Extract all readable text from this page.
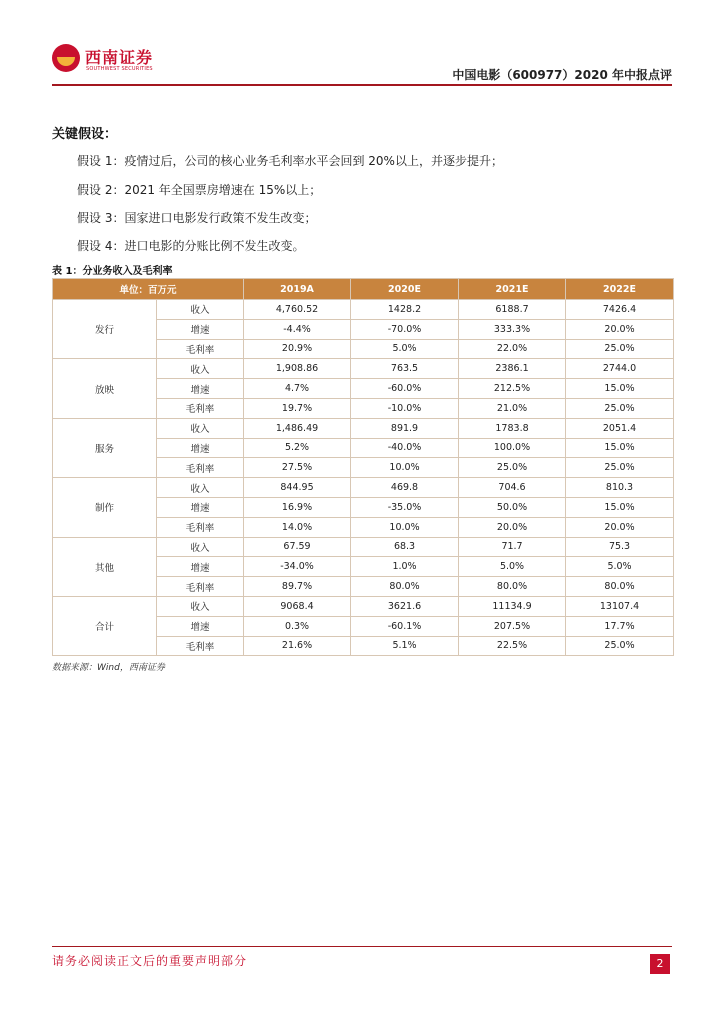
西南证券
SOUTHWEST SECURITIES	中国电影（600977）2020 年中报点评
关键假设：
假设 1：疫情过后，公司的核心业务毛利率水平会回到 20%以上，并逐步提升；
假设 2：2021 年全国票房增速在 15%以上；
假设 3：国家进口电影发行政策不发生改变；
假设 4：进口电影的分账比例不发生改变。
表 1：分业务收入及毛利率
单位：百万元		2019A	2020E	2021E	2022E
发行	收入	4,760.52	1428.2	6188.7	7426.4
	增速	-4.4%	-70.0%	333.3%	20.0%
	毛利率	20.9%	5.0%	22.0%	25.0%
放映	收入	1,908.86	763.5	2386.1	2744.0
	增速	4.7%	-60.0%	212.5%	15.0%
	毛利率	19.7%	-10.0%	21.0%	25.0%
服务	收入	1,486.49	891.9	1783.8	2051.4
	增速	5.2%	-40.0%	100.0%	15.0%
	毛利率	27.5%	10.0%	25.0%	25.0%
制作	收入	844.95	469.8	704.6	810.3
	增速	16.9%	-35.0%	50.0%	15.0%
	毛利率	14.0%	10.0%	20.0%	20.0%
其他	收入	67.59	68.3	71.7	75.3
	增速	-34.0%	1.0%	5.0%	5.0%
	毛利率	89.7%	80.0%	80.0%	80.0%
合计	收入	9068.4	3621.6	11134.9	13107.4
	增速	0.3%	-60.1%	207.5%	17.7%
	毛利率	21.6%	5.1%	22.5%	25.0%
数据来源：Wind，西南证券
请务必阅读正文后的重要声明部分	2
